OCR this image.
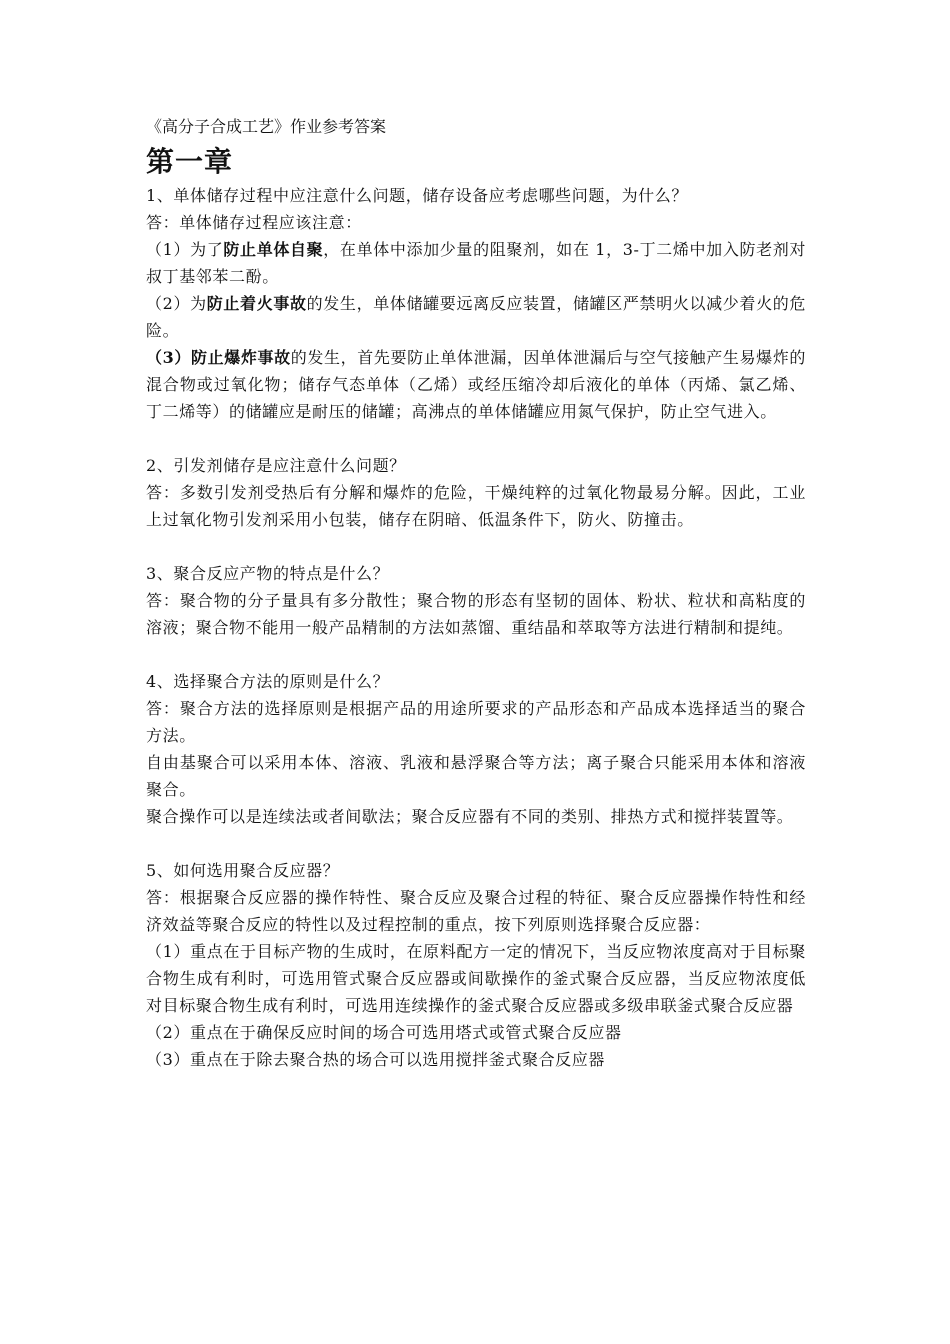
《高分子合成工艺》作业参考答案

第一章

1、单体储存过程中应注意什么问题，储存设备应考虑哪些问题，为什么？

答：单体储存过程应该注意：

（1）为了防止单体自聚，在单体中添加少量的阻聚剂，如在 1，3-丁二烯中加入防老剂对叔丁基邻苯二酚。

（2）为防止着火事故的发生，单体储罐要远离反应装置，储罐区严禁明火以减少着火的危险。

（3）防止爆炸事故的发生，首先要防止单体泄漏，因单体泄漏后与空气接触产生易爆炸的混合物或过氧化物；储存气态单体（乙烯）或经压缩冷却后液化的单体（丙烯、氯乙烯、丁二烯等）的储罐应是耐压的储罐；高沸点的单体储罐应用氮气保护，防止空气进入。

2、引发剂储存是应注意什么问题？

答：多数引发剂受热后有分解和爆炸的危险，干燥纯粹的过氧化物最易分解。因此，工业上过氧化物引发剂采用小包装，储存在阴暗、低温条件下，防火、防撞击。

3、聚合反应产物的特点是什么？

答：聚合物的分子量具有多分散性；聚合物的形态有坚韧的固体、粉状、粒状和高粘度的溶液；聚合物不能用一般产品精制的方法如蒸馏、重结晶和萃取等方法进行精制和提纯。

4、选择聚合方法的原则是什么？

答：聚合方法的选择原则是根据产品的用途所要求的产品形态和产品成本选择适当的聚合方法。

自由基聚合可以采用本体、溶液、乳液和悬浮聚合等方法；离子聚合只能采用本体和溶液聚合。

聚合操作可以是连续法或者间歇法；聚合反应器有不同的类别、排热方式和搅拌装置等。

5、如何选用聚合反应器？

答：根据聚合反应器的操作特性、聚合反应及聚合过程的特征、聚合反应器操作特性和经济效益等聚合反应的特性以及过程控制的重点，按下列原则选择聚合反应器：

（1）重点在于目标产物的生成时，在原料配方一定的情况下，当反应物浓度高对于目标聚合物生成有利时，可选用管式聚合反应器或间歇操作的釜式聚合反应器，当反应物浓度低对目标聚合物生成有利时，可选用连续操作的釜式聚合反应器或多级串联釜式聚合反应器

（2）重点在于确保反应时间的场合可选用塔式或管式聚合反应器

（3）重点在于除去聚合热的场合可以选用搅拌釜式聚合反应器
